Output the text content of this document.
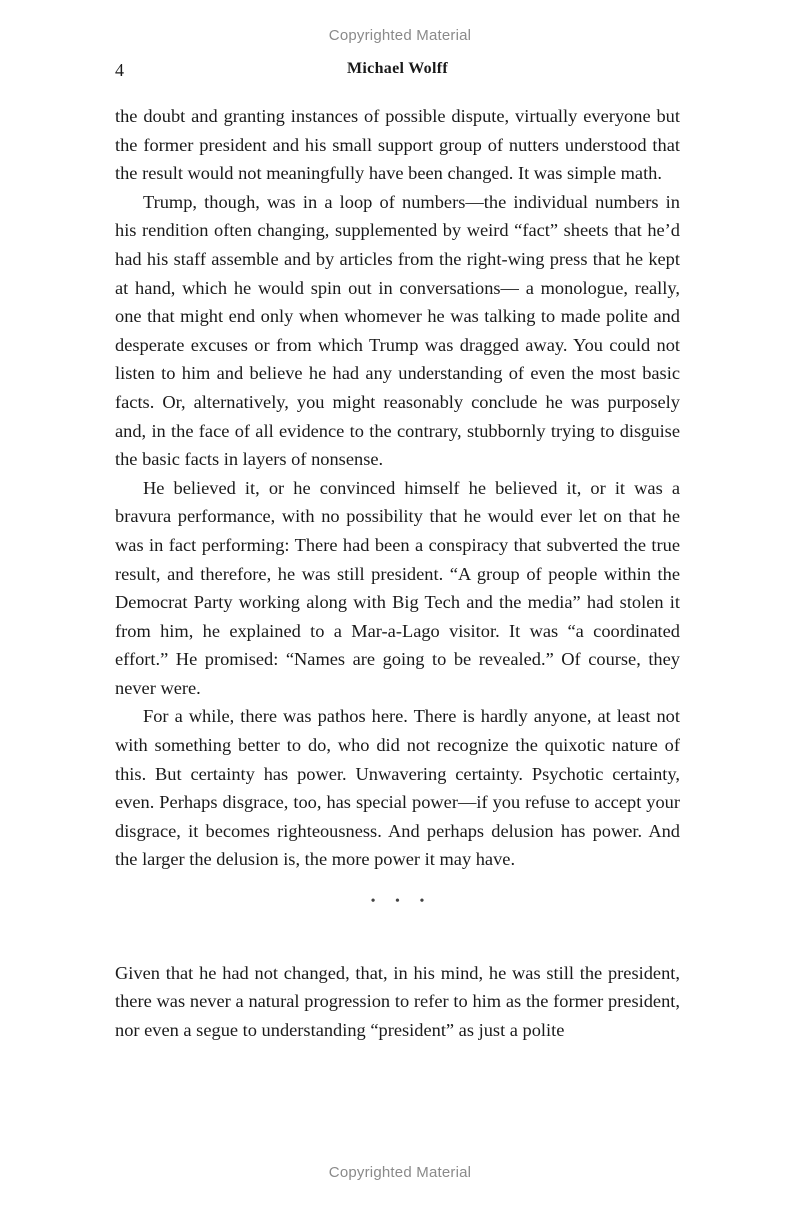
Copyrighted Material
4	Michael Wolff

the doubt and granting instances of possible dispute, virtually everyone but the former president and his small support group of nutters understood that the result would not meaningfully have been changed. It was simple math.

Trump, though, was in a loop of numbers—the individual numbers in his rendition often changing, supplemented by weird “fact” sheets that he’d had his staff assemble and by articles from the right-wing press that he kept at hand, which he would spin out in conversations— a monologue, really, one that might end only when whomever he was talking to made polite and desperate excuses or from which Trump was dragged away. You could not listen to him and believe he had any understanding of even the most basic facts. Or, alternatively, you might reasonably conclude he was purposely and, in the face of all evidence to the contrary, stubbornly trying to disguise the basic facts in layers of nonsense.

He believed it, or he convinced himself he believed it, or it was a bravura performance, with no possibility that he would ever let on that he was in fact performing: There had been a conspiracy that subverted the true result, and therefore, he was still president. “A group of people within the Democrat Party working along with Big Tech and the media” had stolen it from him, he explained to a Mar-a-Lago visitor. It was “a coordinated effort.” He promised: “Names are going to be revealed.” Of course, they never were.

For a while, there was pathos here. There is hardly anyone, at least not with something better to do, who did not recognize the quixotic nature of this. But certainty has power. Unwavering certainty. Psychotic certainty, even. Perhaps disgrace, too, has special power—if you refuse to accept your disgrace, it becomes righteousness. And perhaps delusion has power. And the larger the delusion is, the more power it may have.

• • •

Given that he had not changed, that, in his mind, he was still the president, there was never a natural progression to refer to him as the former president, nor even a segue to understanding “president” as just a polite

Copyrighted Material
